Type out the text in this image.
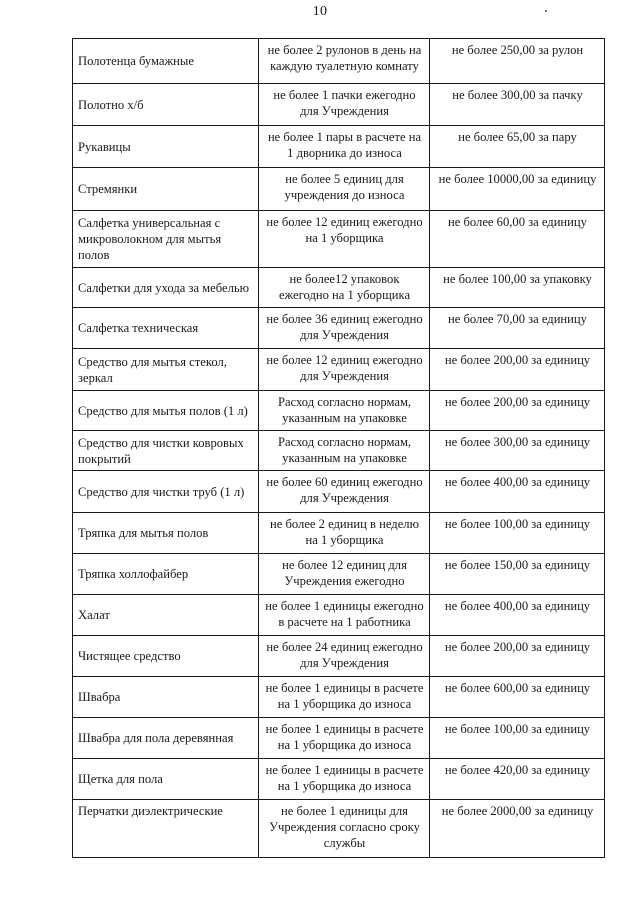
10
Полотенца бумажные	не более 2 рулонов в день на каждую туалетную комнату	не более 250,00 за рулон
Полотно х/б	не более 1 пачки ежегодно для Учреждения	не более 300,00 за пачку
Рукавицы	не более 1 пары в расчете на 1 дворника до износа	не более 65,00 за пару
Стремянки	не более 5 единиц для учреждения до износа	не более 10000,00 за единицу
Салфетка универсальная с микроволокном для мытья полов	не более 12 единиц ежегодно на 1 уборщика	не более 60,00 за единицу
Салфетки для ухода за мебелью	не более12 упаковок ежегодно на 1 уборщика	не более 100,00 за упаковку
Салфетка техническая	не более 36 единиц ежегодно для Учреждения	не более 70,00 за единицу
Средство для мытья стекол, зеркал	не более 12 единиц ежегодно для Учреждения	не более 200,00 за единицу
Средство для мытья полов (1 л)	Расход согласно нормам, указанным на упаковке	не более 200,00 за единицу
Средство для чистки ковровых покрытий	Расход согласно нормам, указанным на упаковке	не более 300,00 за единицу
Средство для чистки труб (1 л)	не более 60 единиц ежегодно для Учреждения	не более 400,00 за единицу
Тряпка для мытья полов	не более 2 единиц в неделю на 1 уборщика	не более 100,00 за единицу
Тряпка холлофайбер	не более 12 единиц для Учреждения ежегодно	не более 150,00 за единицу
Халат	не более 1 единицы ежегодно в расчете на 1 работника	не более 400,00 за единицу
Чистящее средство	не более 24 единиц ежегодно для Учреждения	не более 200,00 за единицу
Швабра	не более 1 единицы в расчете на 1 уборщика до износа	не более 600,00 за единицу
Швабра для пола деревянная	не более 1 единицы в расчете на 1 уборщика до износа	не более 100,00 за единицу
Щетка для пола	не более 1 единицы в расчете на 1 уборщика до износа	не более 420,00 за единицу
Перчатки диэлектрические	не более 1 единицы для Учреждения согласно сроку службы	не более 2000,00 за единицу
